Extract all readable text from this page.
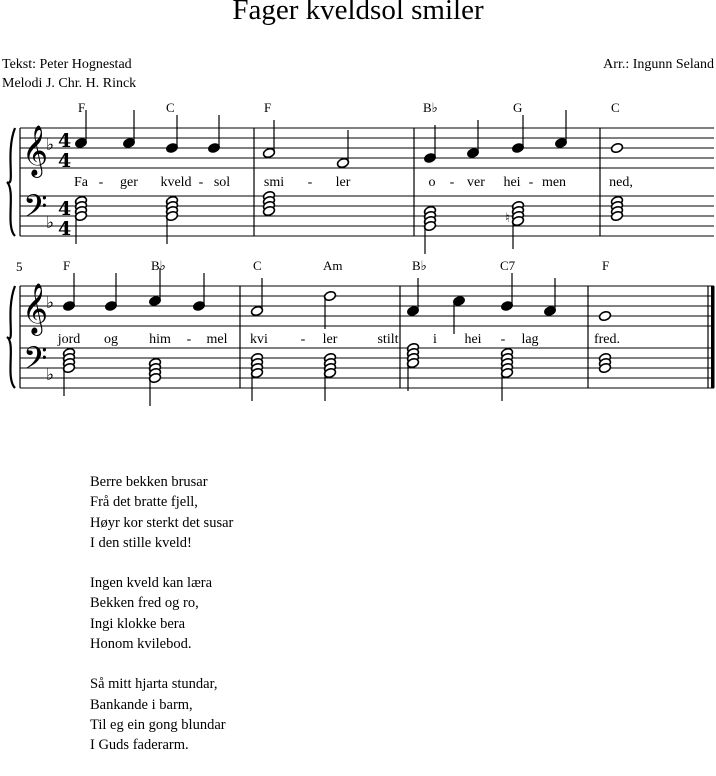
Fager kveldsol smiler
Tekst: Peter Hognestad
Melodi J. Chr. H. Rinck
Arr.: Ingunn Seland
𝄞
𝄢
♭
♭
4
4
4
4
F	C	F	B♭	G	C
Fa - ger kveld - sol smi - ler	o - ver hei - men	ned,
♮
5
𝄞
𝄢
♭
♭
F	B♭	C	Am	B♭	C7	F
jord og him - mel kvi - ler	stilt i hei - lag	fred.
Berre bekken brusar
Frå det bratte fjell,
Høyr kor sterkt det susar
I den stille kveld!
Ingen kveld kan læra
Bekken fred og ro,
Ingi klokke bera
Honom kvilebod.
Så mitt hjarta stundar,
Bankande i barm,
Til eg ein gong blundar
I Guds faderarm.
